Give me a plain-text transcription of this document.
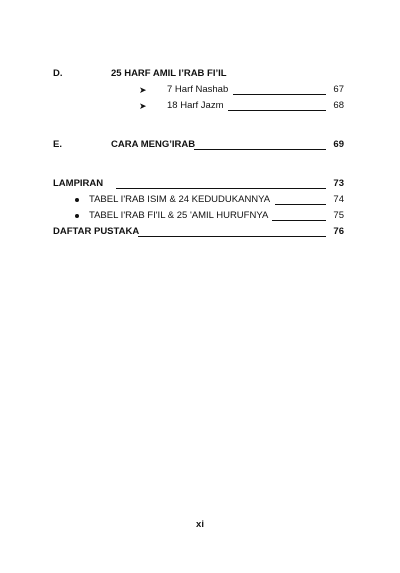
D.	25 HARF AMIL I’RAB FI’IL
➤ 7 Harf Nashab	67
➤ 18 Harf Jazm	68
E.	CARA MENG’IRAB	69
LAMPIRAN	73
TABEL I'RAB ISIM & 24 KEDUDUKANNYA	74
TABEL I'RAB FI'IL & 25 'AMIL HURUFNYA	75
DAFTAR PUSTAKA	76
xi
